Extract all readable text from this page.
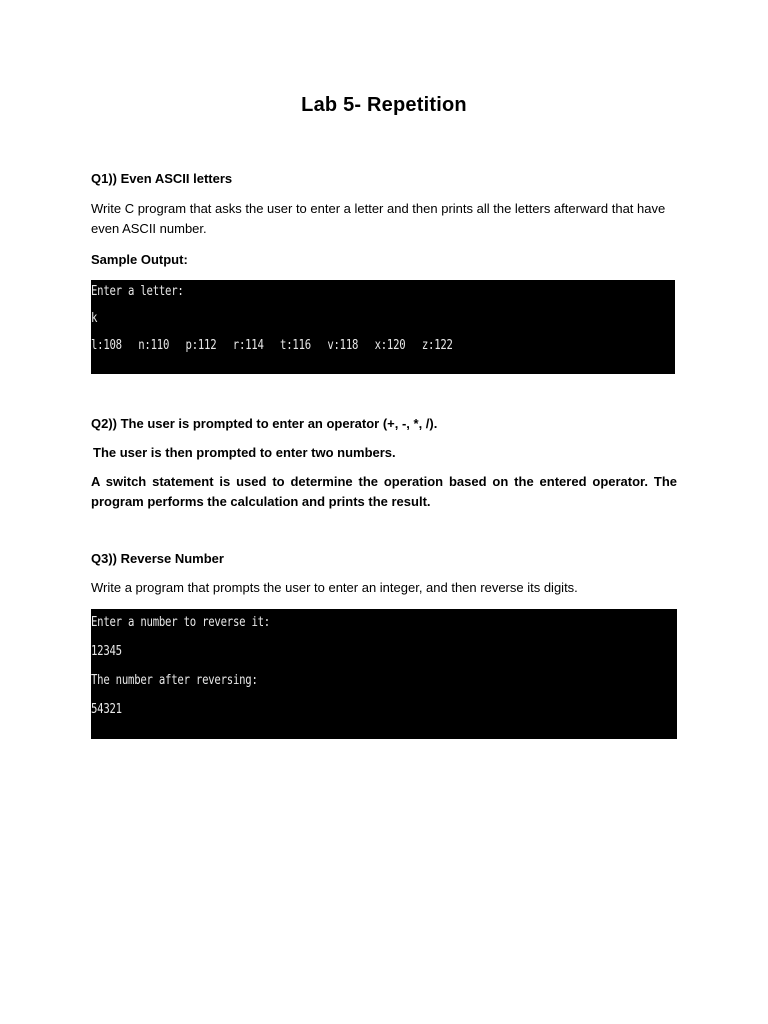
Lab 5- Repetition
Q1)) Even ASCII letters
Write C program that asks the user to enter a letter and then prints all the letters afterward that have even ASCII number.
Sample Output:
Enter a letter:
k
l:108 n:110 p:112 r:114 t:116 v:118 x:120 z:122
Q2)) The user is prompted to enter an operator (+, -, *, /).
The user is then prompted to enter two numbers.
A switch statement is used to determine the operation based on the entered operator. The program performs the calculation and prints the result.
Q3)) Reverse Number
Write a program that prompts the user to enter an integer, and then reverse its digits.
Enter a number to reverse it:
12345
The number after reversing:
54321
